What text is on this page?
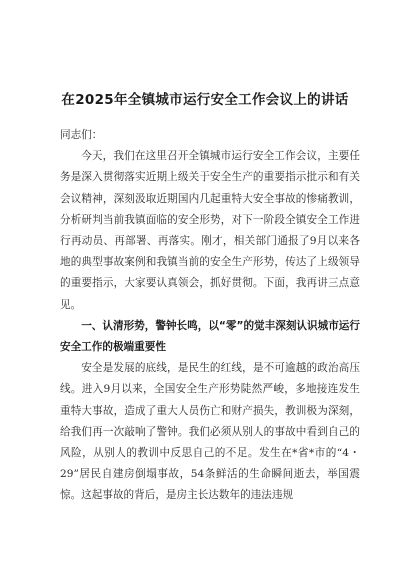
在2025年全镇城市运行安全工作会议上的讲话

同志们：

今天，我们在这里召开全镇城市运行安全工作会议，主要任务是深入贯彻落实近期上级关于安全生产的重要指示批示和有关会议精神，深刻汲取近期国内几起重特大安全事故的惨痛教训，分析研判当前我镇面临的安全形势，对下一阶段全镇安全工作进行再动员、再部署、再落实。刚才，相关部门通报了9月以来各地的典型事故案例和我镇当前的安全生产形势，传达了上级领导的重要指示，大家要认真领会，抓好贯彻。下面，我再讲三点意见。

一、认清形势，警钟长鸣，以“零”的觉丰深刻认识城市运行安全工作的极端重要性

安全是发展的底线，是民生的红线，是不可逾越的政治高压线。进入9月以来，全国安全生产形势陡然严峻，多地接连发生重特大事故，造成了重大人员伤亡和财产损失，教训极为深刻，给我们再一次敲响了警钟。我们必须从别人的事故中看到自己的风险，从别人的教训中反思自己的不足。发生在*省*市的“4・29”居民自建房倒塌事故，54条鲜活的生命瞬间逝去，举国震惊。这起事故的背后，是房主长达数年的违法违规
